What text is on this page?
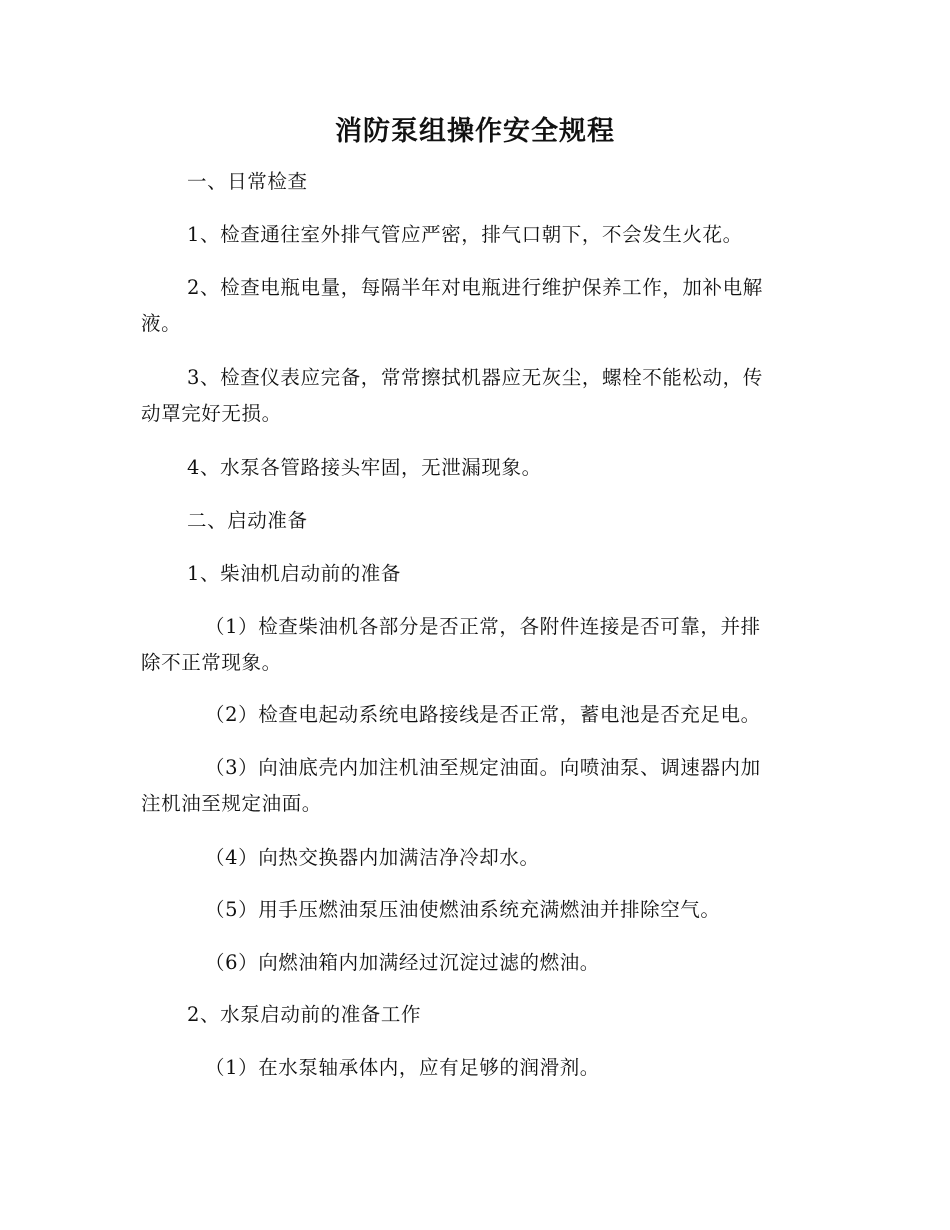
消防泵组操作安全规程
一、日常检查
1、检查通往室外排气管应严密，排气口朝下，不会发生火花。
2、检查电瓶电量，每隔半年对电瓶进行维护保养工作，加补电解
液。
3、检查仪表应完备，常常擦拭机器应无灰尘，螺栓不能松动，传
动罩完好无损。
4、水泵各管路接头牢固，无泄漏现象。
二、启动准备
1、柴油机启动前的准备
（1）检查柴油机各部分是否正常，各附件连接是否可靠，并排
除不正常现象。
（2）检查电起动系统电路接线是否正常，蓄电池是否充足电。
（3）向油底壳内加注机油至规定油面。向喷油泵、调速器内加
注机油至规定油面。
（4）向热交换器内加满洁净冷却水。
（5）用手压燃油泵压油使燃油系统充满燃油并排除空气。
（6）向燃油箱内加满经过沉淀过滤的燃油。
2、水泵启动前的准备工作
（1）在水泵轴承体内，应有足够的润滑剂。
